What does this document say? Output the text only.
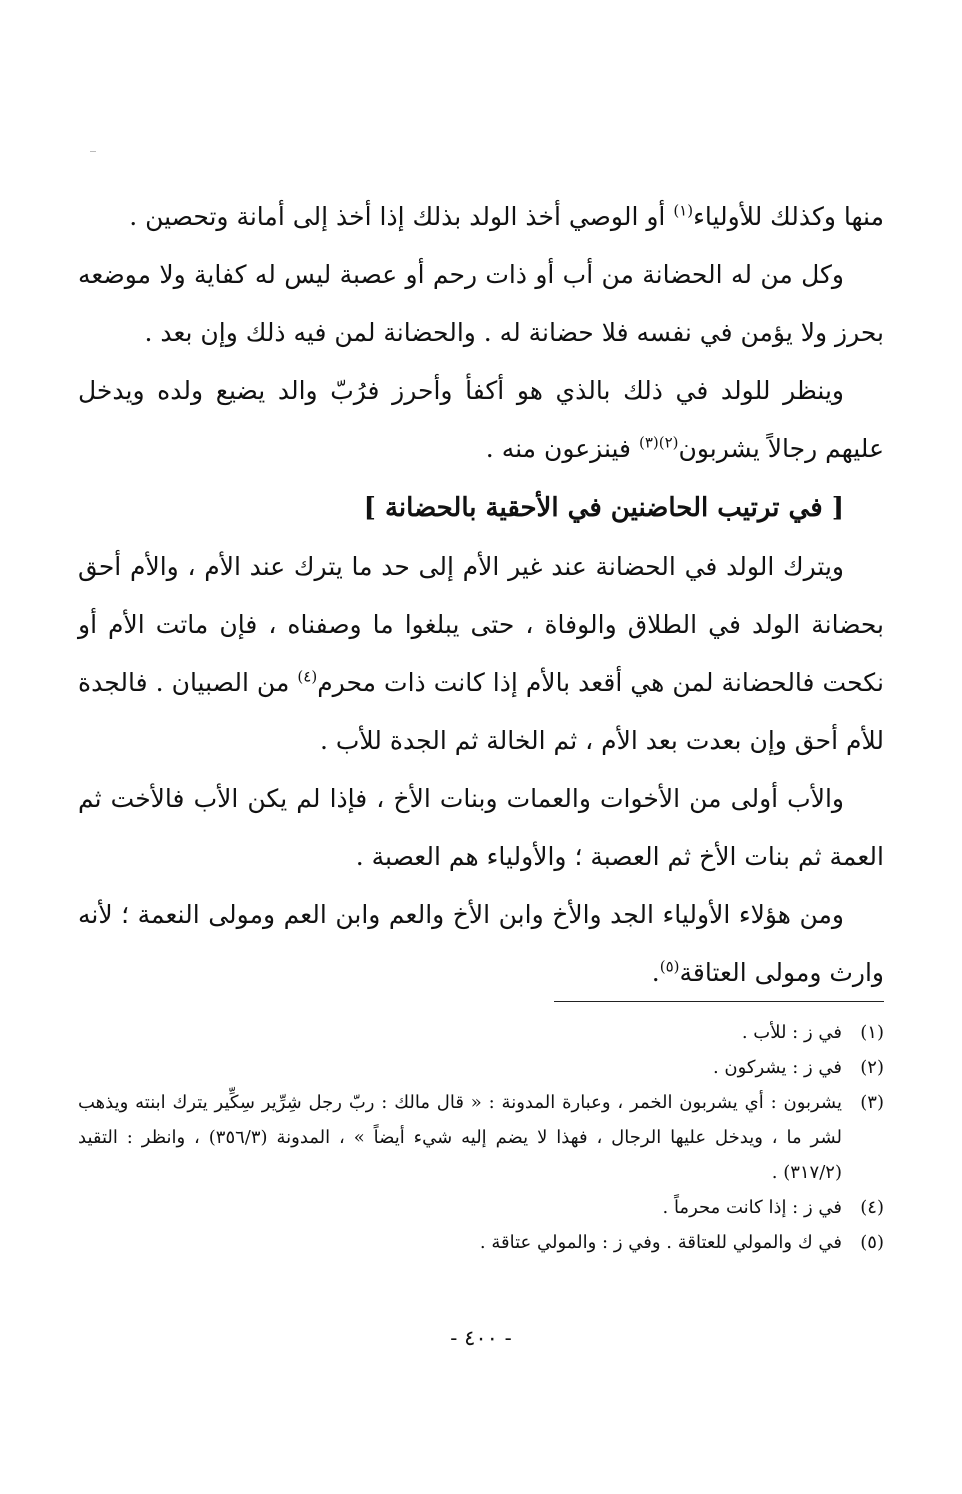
منها وكذلك للأولياء$^{(١)}$ أو الوصي أخذ الولد بذلك إذا أخذ إلى أمانة وتحصين .

وكل من له الحضانة من أب أو ذات رحم أو عصبة ليس له كفاية ولا موضعه بحرز ولا يؤمن في نفسه فلا حضانة له . والحضانة لمن فيه ذلك وإن بعد .

وينظر للولد في ذلك بالذي هو أكفأ وأحرز فرُبّ والد يضيع ولده ويدخل عليهم رجالاً يشربون$^{(٢)(٣)}$ فينزعون منه .

[ في ترتيب الحاضنين في الأحقية بالحضانة ]

ويترك الولد في الحضانة عند غير الأم إلى حد ما يترك عند الأم ، والأم أحق بحضانة الولد في الطلاق والوفاة ، حتى يبلغوا ما وصفناه ، فإن ماتت الأم أو نكحت فالحضانة لمن هي أقعد بالأم إذا كانت ذات محرم$^{(٤)}$ من الصبيان . فالجدة للأم أحق وإن بعدت بعد الأم ، ثم الخالة ثم الجدة للأب .

والأب أولى من الأخوات والعمات وبنات الأخ ، فإذا لم يكن الأب فالأخت ثم العمة ثم بنات الأخ ثم العصبة ؛ والأولياء هم العصبة .

ومن هؤلاء الأولياء الجد والأخ وابن الأخ والعم وابن العم ومولى النعمة ؛ لأنه وارث ومولى العتاقة$^{(٥)}$.

(١)
في ز : للأب .
(٢)
في ز : يشركون .
(٣)
يشربون : أي يشربون الخمر ، وعبارة المدونة : « قال مالك : ربّ رجل شِرِّير سِكِّير يترك ابنته ويذهب لشر ما ، ويدخل عليها الرجال ، فهذا لا يضم إليه شيء أيضاً » ، المدونة (٣٥٦/٣) ، وانظر : التقيد (٣١٧/٢) .
(٤)
في ز : إذا كانت محرماً .
(٥)
في ك والمولي للعتاقة . وفي ز : والمولي عتاقة .
- ٤٠٠ -
